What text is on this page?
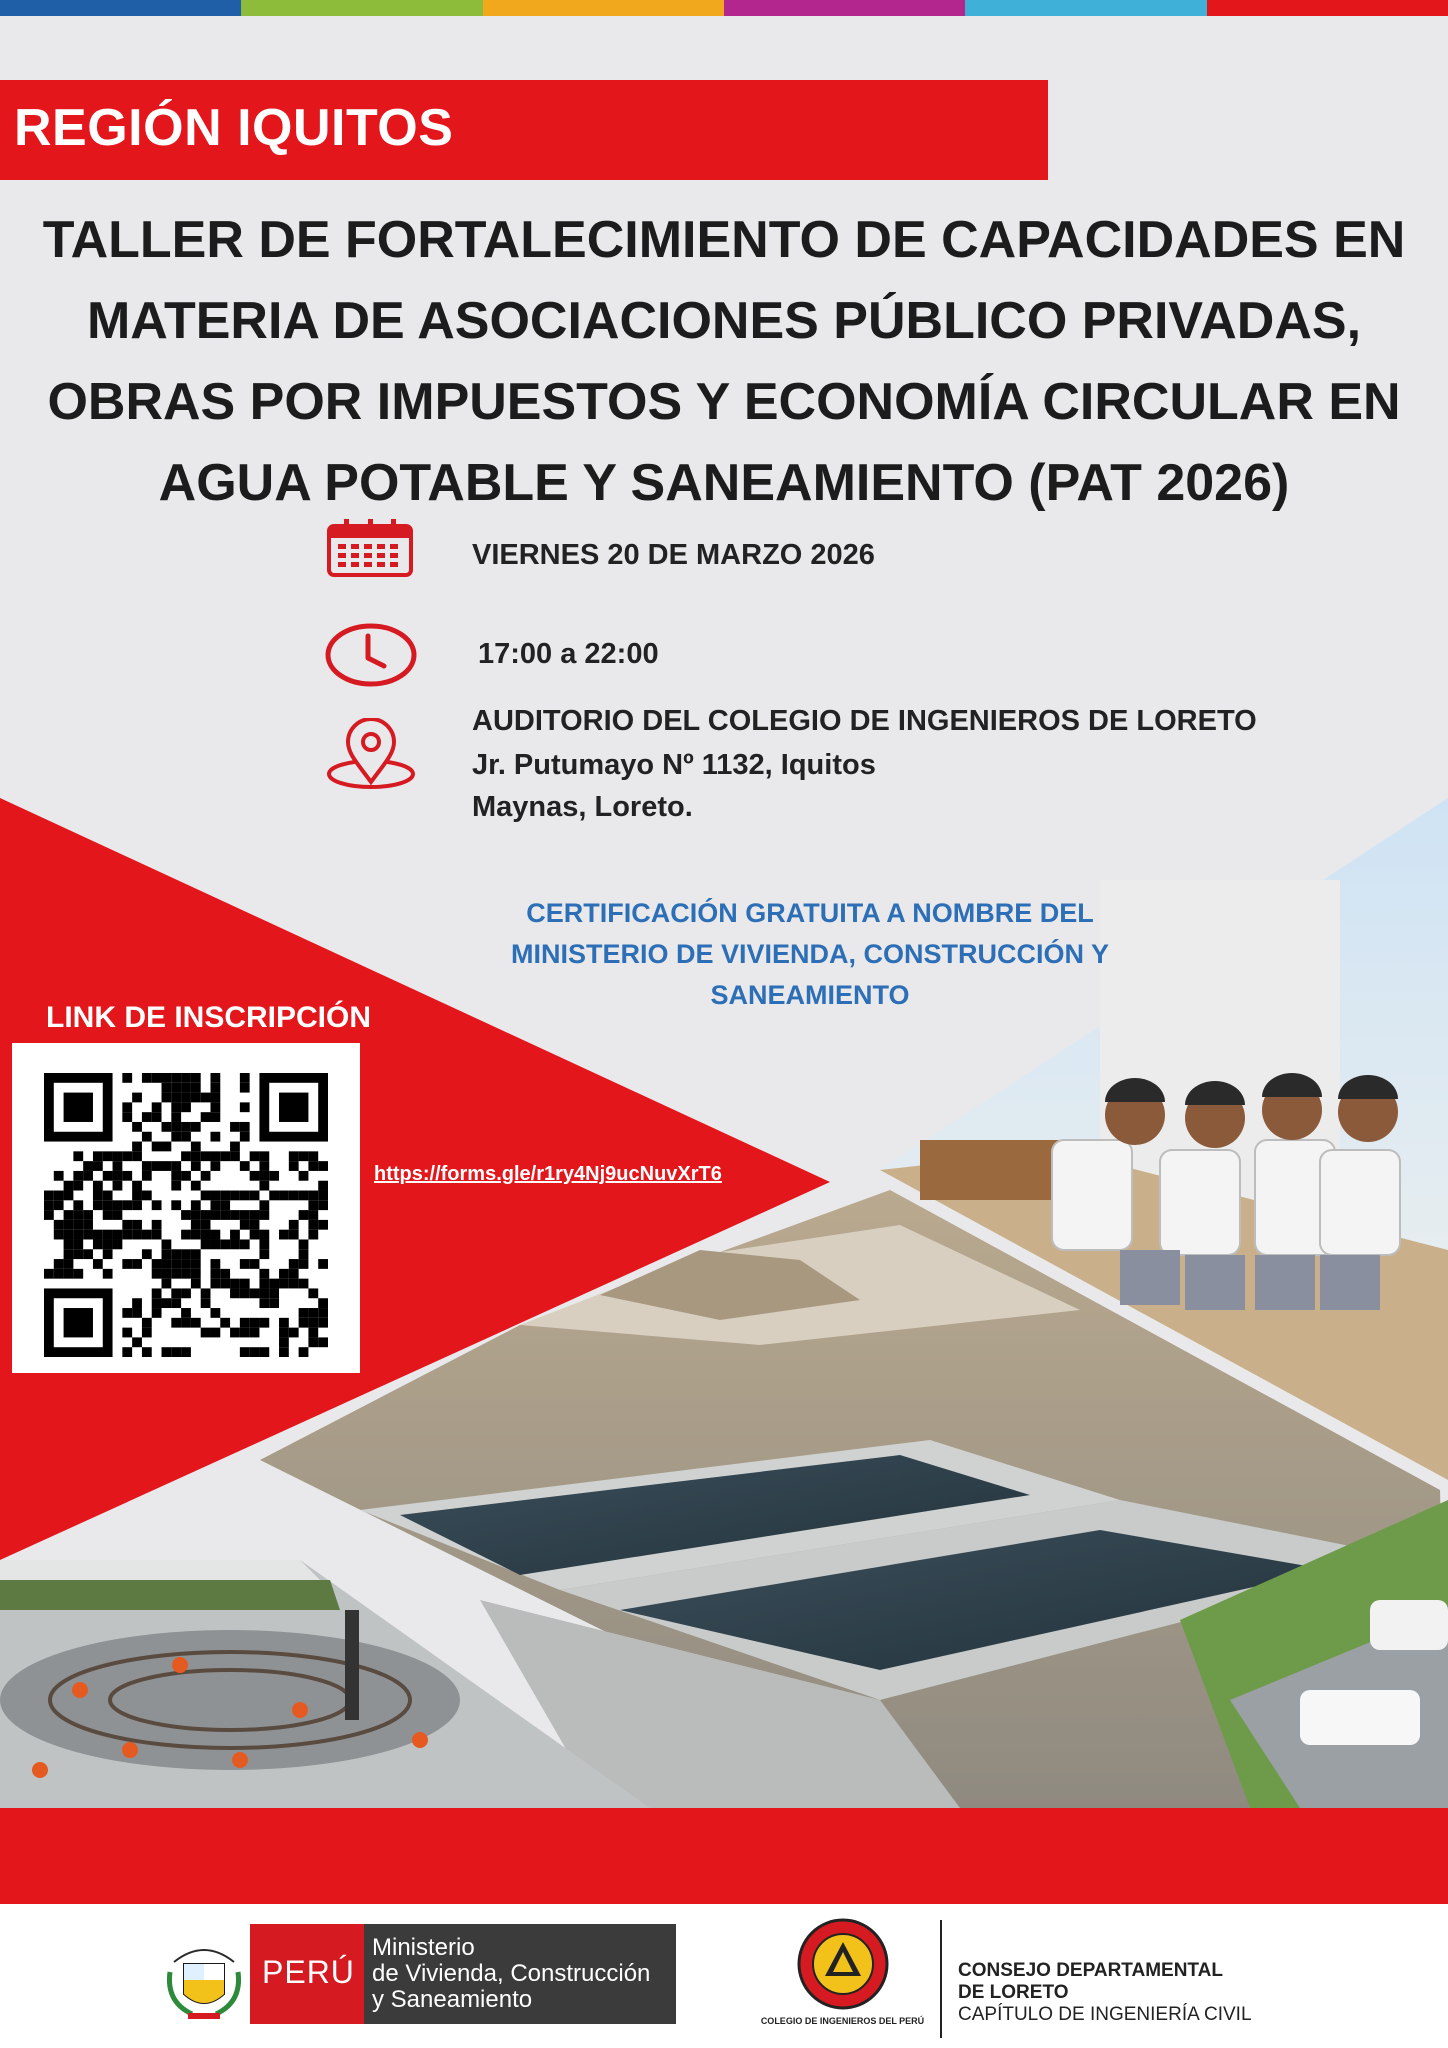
REGIÓN IQUITOS
TALLER DE FORTALECIMIENTO DE CAPACIDADES EN
MATERIA DE ASOCIACIONES PÚBLICO PRIVADAS,
OBRAS POR IMPUESTOS Y ECONOMÍA CIRCULAR EN
AGUA POTABLE Y SANEAMIENTO (PAT 2026)
VIERNES 20 DE MARZO 2026
17:00 a 22:00
AUDITORIO DEL COLEGIO DE INGENIEROS DE LORETO
Jr. Putumayo Nº 1132, Iquitos
Maynas, Loreto.
CERTIFICACIÓN GRATUITA A NOMBRE DEL
MINISTERIO DE VIVIENDA, CONSTRUCCIÓN Y
SANEAMIENTO
LINK DE INSCRIPCIÓN
https://forms.gle/r1ry4Nj9ucNuvXrT6
PERÚ
Ministerio
de Vivienda, Construcción
y Saneamiento
COLEGIO DE INGENIEROS DEL PERÚ
CONSEJO DEPARTAMENTAL
DE LORETO
CAPÍTULO DE INGENIERÍA CIVIL
